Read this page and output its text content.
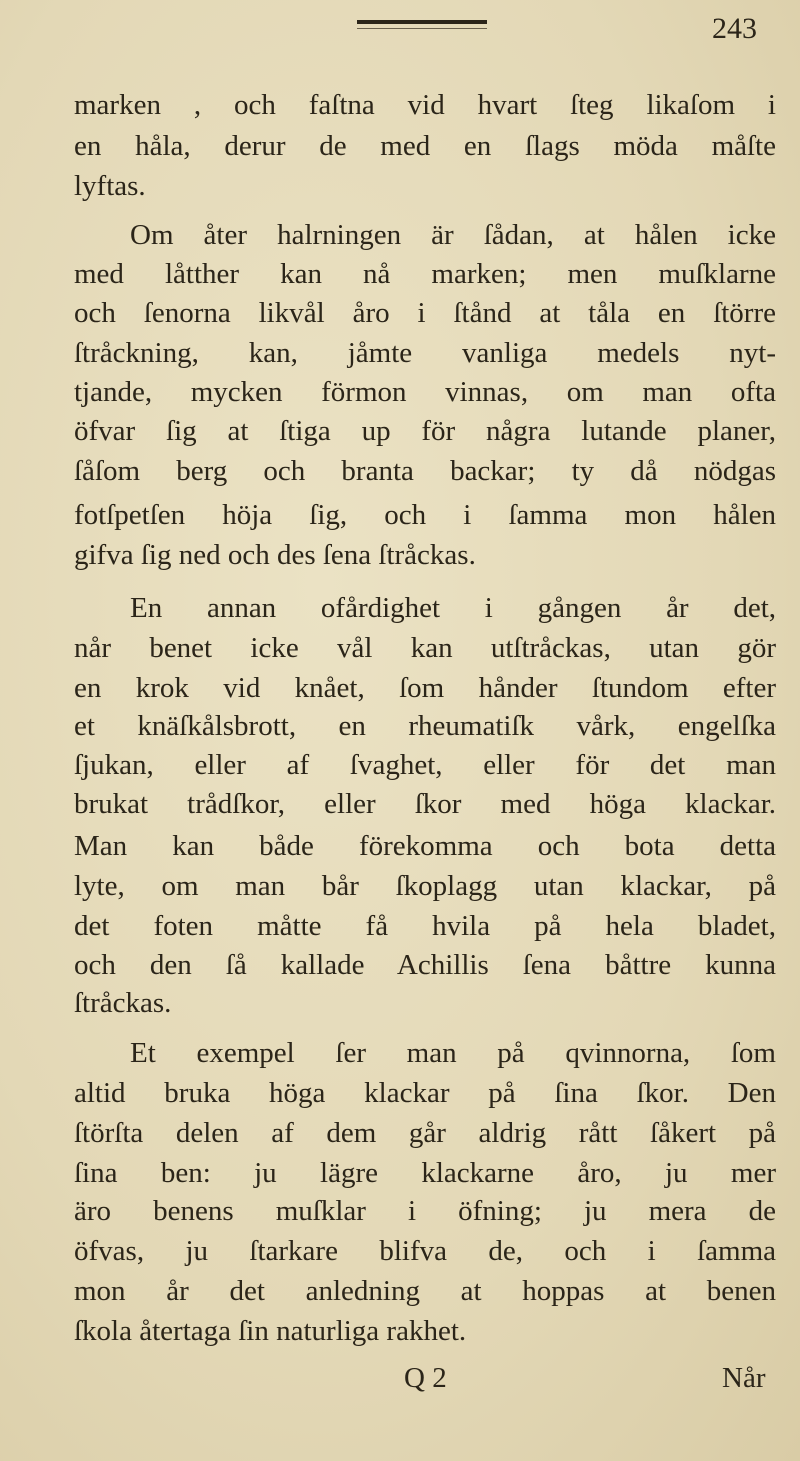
243
marken , och faſtna vid hvart ſteg likaſom i
en håla, derur de med en ſlags möda måſte
lyftas.
Om åter halrningen är ſådan, at hålen icke
med låtther kan nå marken; men muſklarne
och ſenorna likvål åro i ſtånd at tåla en ſtörre
ſtråckning, kan, jåmte vanliga medels nyt-
tjande, mycken förmon vinnas, om man ofta
öfvar ſig at ſtiga up för några lutande planer,
ſåſom berg och branta backar; ty då nödgas
fotſpetſen höja ſig, och i ſamma mon hålen
gifva ſig ned och des ſena ſtråckas.
En annan ofårdighet i gången år det,
når benet icke vål kan utſtråckas, utan gör
en krok vid knået, ſom hånder ſtundom efter
et knäſkålsbrott, en rheumatiſk vårk, engelſka
ſjukan, eller af ſvaghet, eller för det man
brukat trådſkor, eller ſkor med höga klackar.
Man kan både förekomma och bota detta
lyte, om man bår ſkoplagg utan klackar, på
det foten måtte få hvila på hela bladet,
och den ſå kallade Achillis ſena båttre kunna
ſtråckas.
Et exempel ſer man på qvinnorna, ſom
altid bruka höga klackar på ſina ſkor. Den
ſtörſta delen af dem går aldrig rått ſåkert på
ſina ben: ju lägre klackarne åro, ju mer
äro benens muſklar i öfning; ju mera de
öfvas, ju ſtarkare blifva de, och i ſamma
mon år det anledning at hoppas at benen
ſkola återtaga ſin naturliga rakhet.
Q 2	Når
